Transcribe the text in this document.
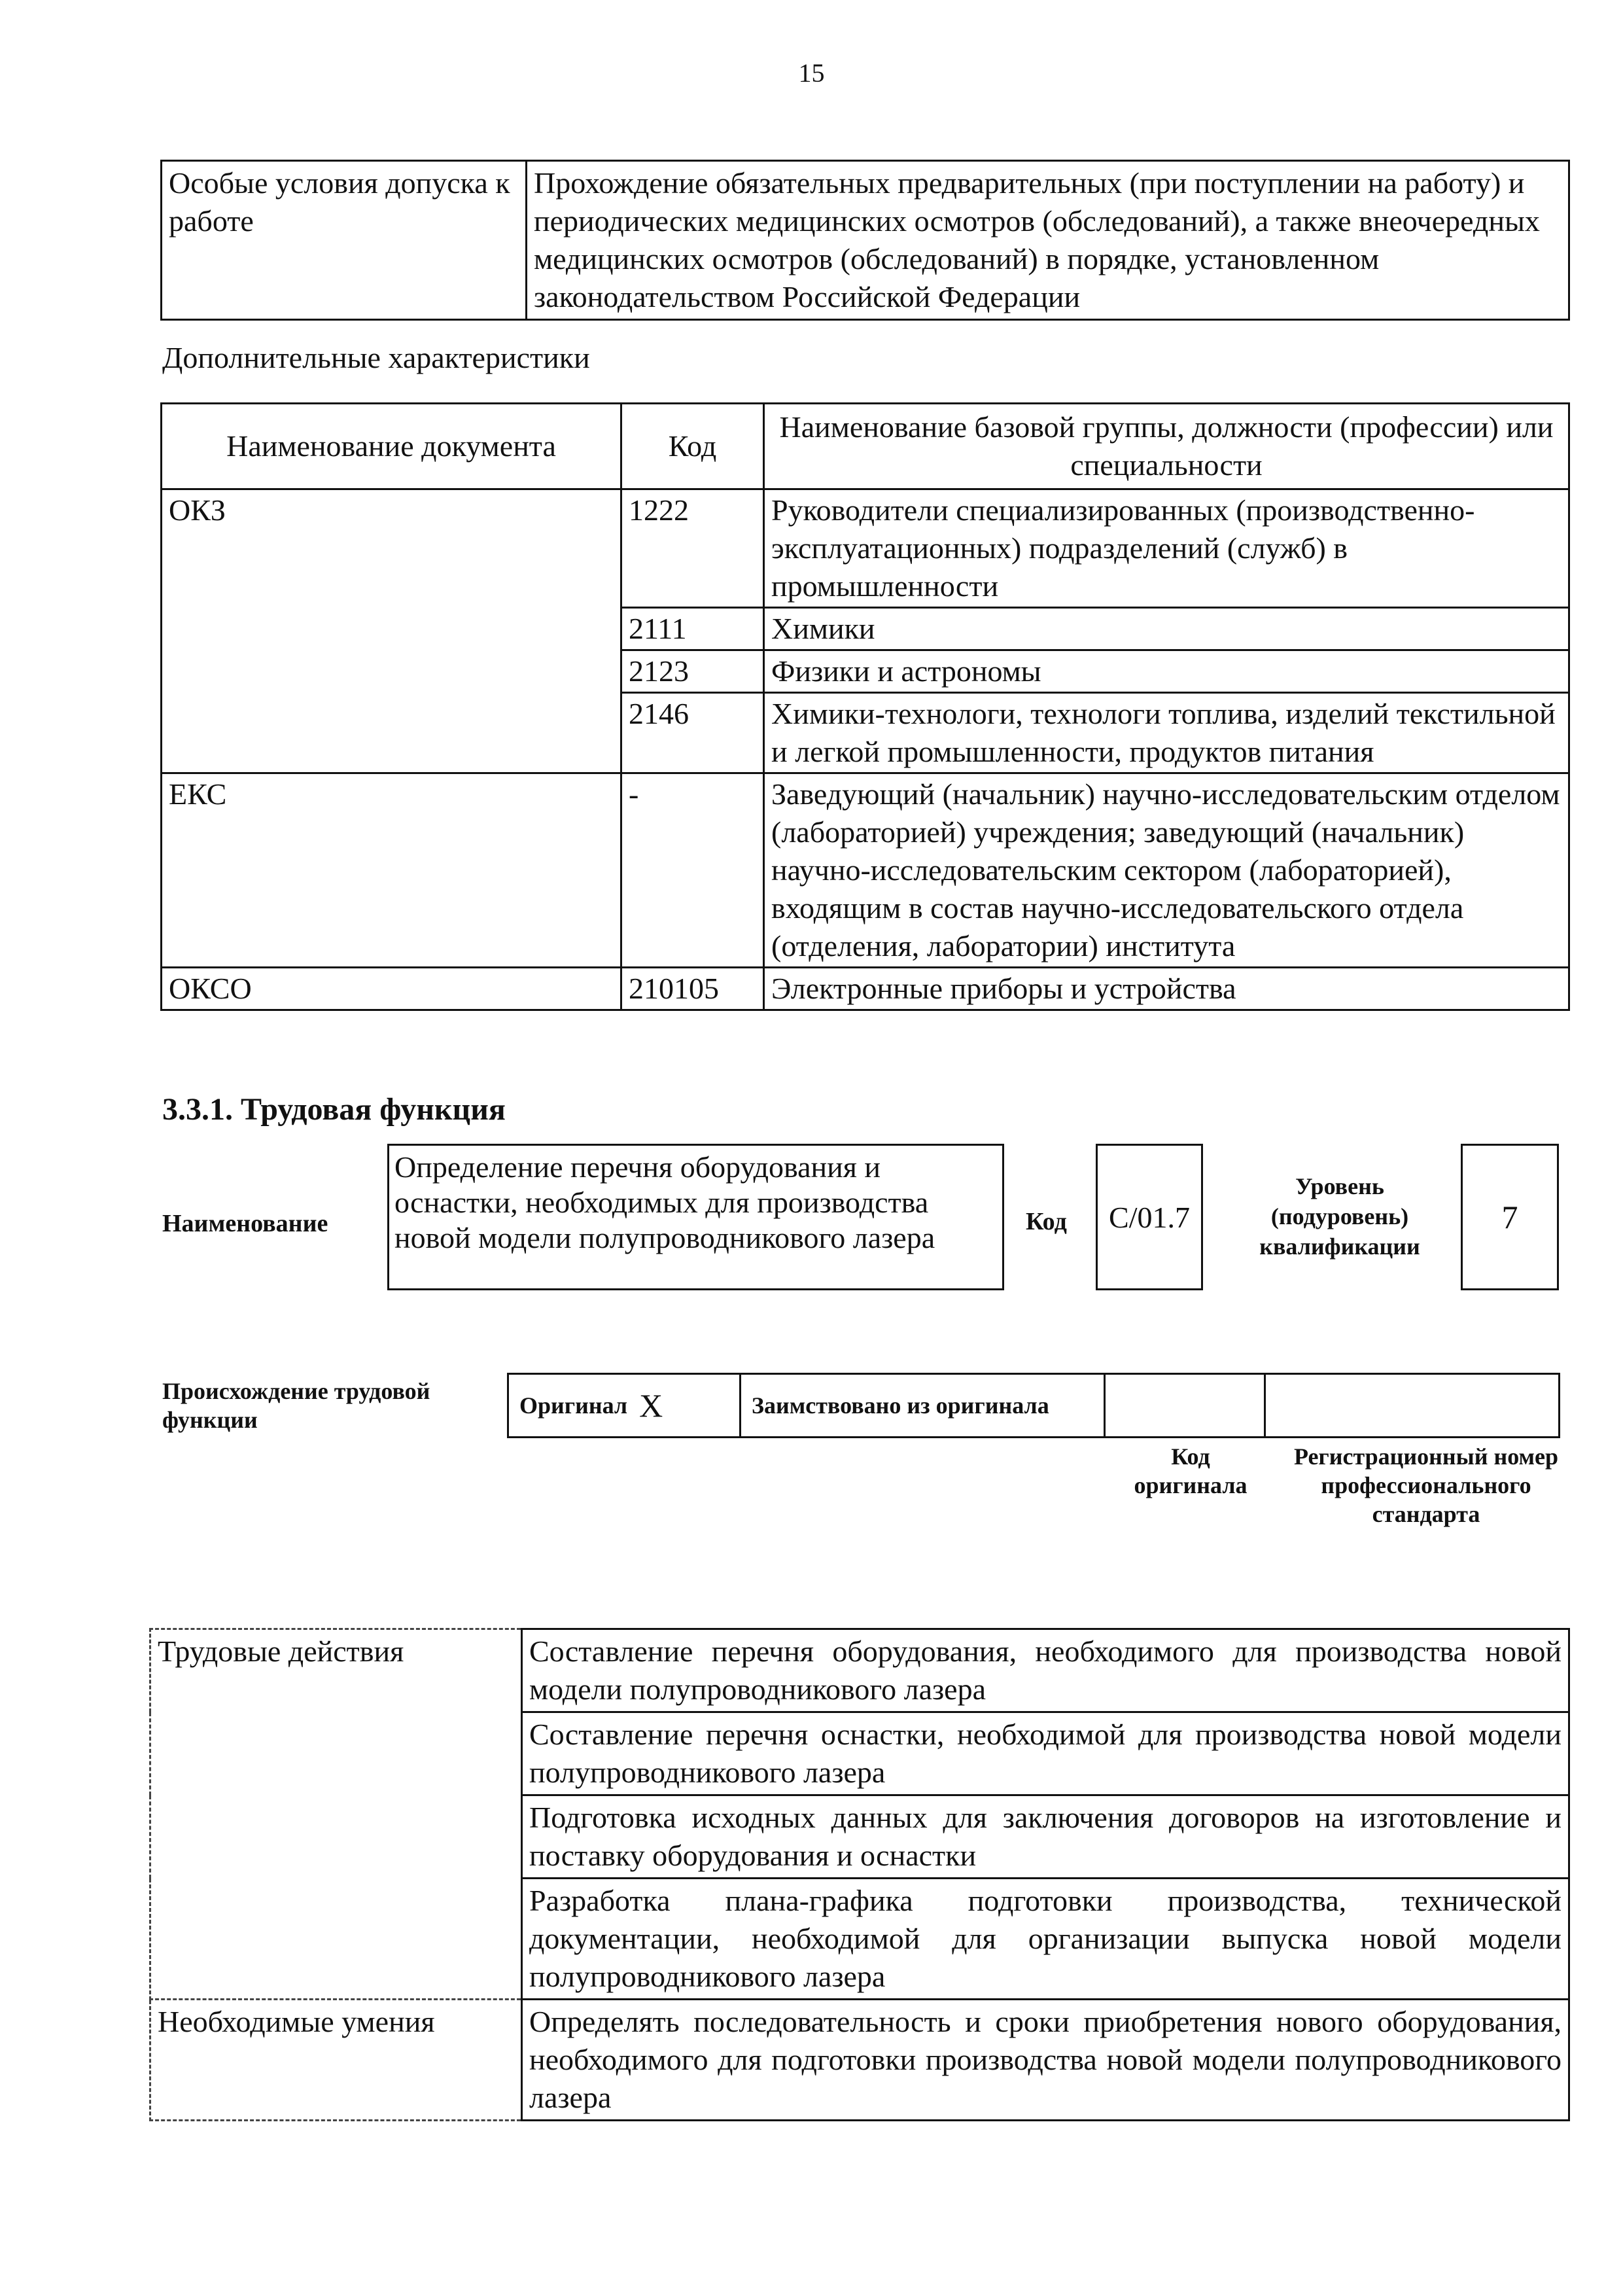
15
Особые условия допуска к работе	Прохождение обязательных предварительных (при поступлении на работу) и периодических медицинских осмотров (обследований), а также внеочередных медицинских осмотров (обследований) в порядке, установленном законодательством Российской Федерации
Дополнительные характеристики
Наименование документа	Код	Наименование базовой группы, должности (профессии) или специальности
ОКЗ	1222	Руководители специализированных (производственно-эксплуатационных) подразделений (служб) в промышленности
	2111	Химики
	2123	Физики и астрономы
	2146	Химики-технологи, технологи топлива, изделий текстильной и легкой промышленности, продуктов питания
ЕКС	-	Заведующий (начальник) научно-исследовательским отделом (лабораторией) учреждения; заведующий (начальник) научно-исследовательским сектором (лабораторией), входящим в состав научно-исследовательского отдела (отделения, лаборатории) института
ОКСО	210105	Электронные приборы и устройства
3.3.1. Трудовая функция
Наименование
Определение перечня оборудования и оснастки, необходимых для производства новой модели полупроводникового лазера	Код	C/01.7
Уровень (подуровень) квалификации
7
Происхождение трудовой функции
Оригинал X	Заимствовано из оригинала
Код оригинала
Регистрационный номер профессионального стандарта
Трудовые действия	Составление перечня оборудования, необходимого для производства новой модели полупроводникового лазера
	Составление перечня оснастки, необходимой для производства новой модели полупроводникового лазера
	Подготовка исходных данных для заключения договоров на изготовление и поставку оборудования и оснастки
	Разработка плана-графика подготовки производства, технической документации, необходимой для организации выпуска новой модели полупроводникового лазера
Необходимые умения	Определять последовательность и сроки приобретения нового оборудования, необходимого для подготовки производства новой модели полупроводникового лазера
